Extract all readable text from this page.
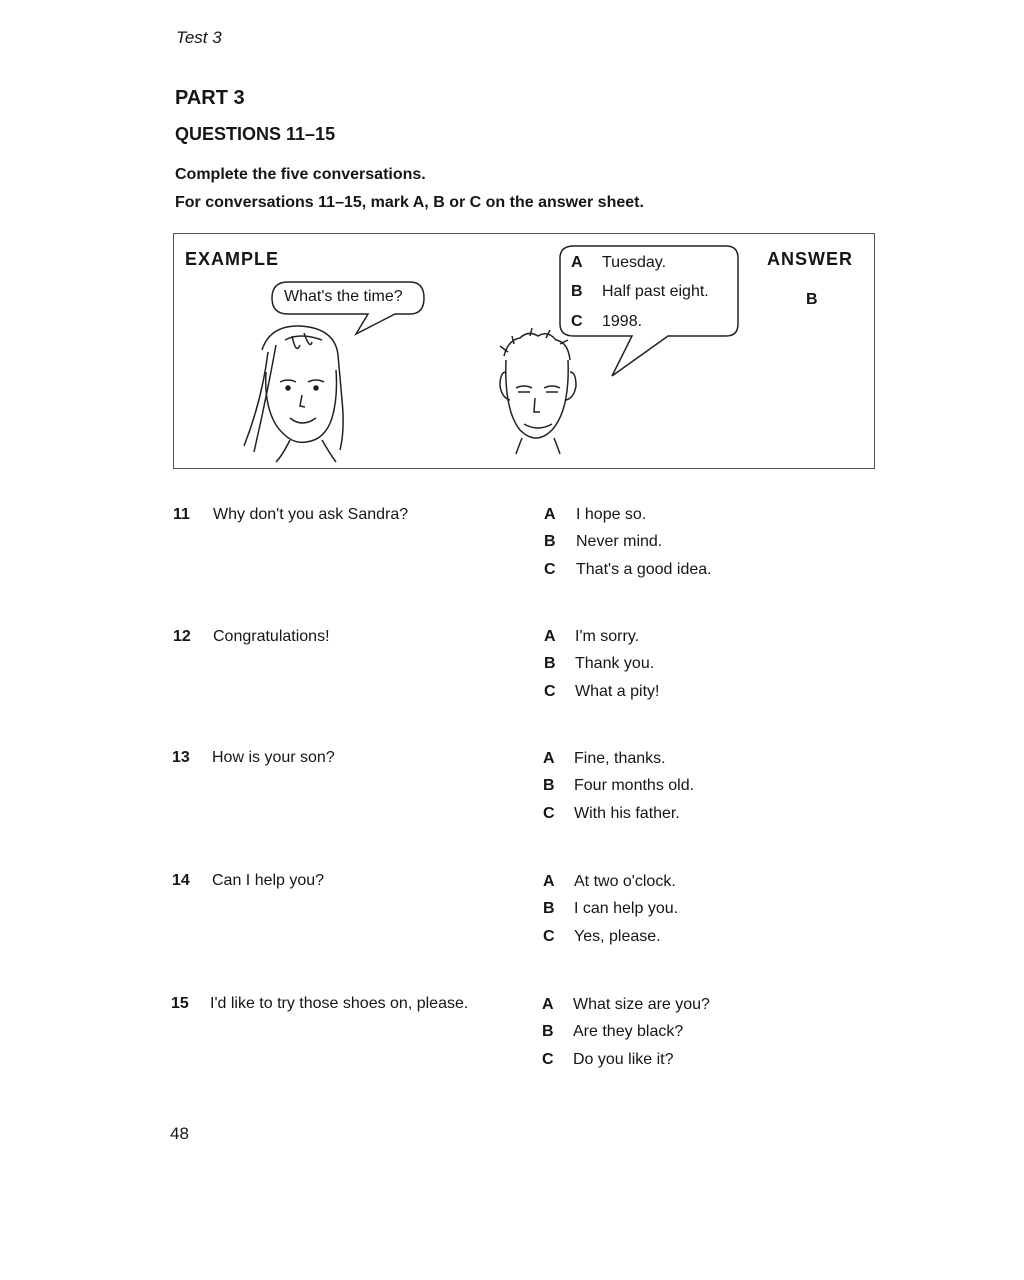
Test 3
PART 3
QUESTIONS 11–15
Complete the five conversations.
For conversations 11–15, mark A, B or C on the answer sheet.
EXAMPLE
What's the time?
A Tuesday.
B Half past eight.
C 1998.
ANSWER
B
11 Why don't you ask Sandra?	A I hope so.
B Never mind.
C That's a good idea.
12 Congratulations!	A I'm sorry.
B Thank you.
C What a pity!
13 How is your son?	A Fine, thanks.
B Four months old.
C With his father.
14 Can I help you?	A At two o'clock.
B I can help you.
C Yes, please.
15 I'd like to try those shoes on, please.	A What size are you?
B Are they black?
C Do you like it?
48
